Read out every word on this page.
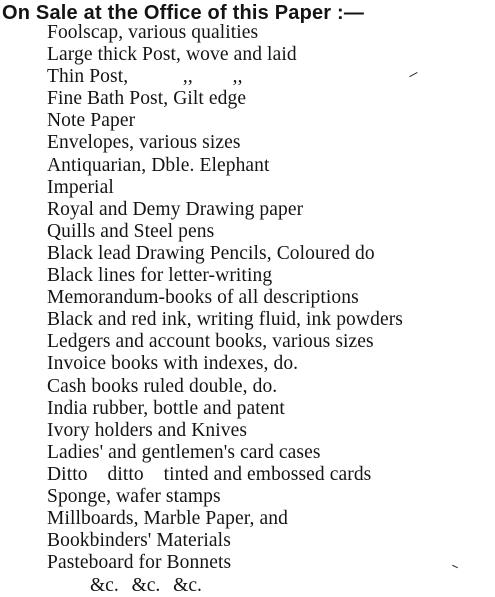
On Sale at the Office of this Paper :—
Foolscap, various qualities
Large thick Post, wove and laid
Thin Post,           ,,        ,,
Fine Bath Post, Gilt edge
Note Paper
Envelopes, various sizes
Antiquarian, Dble. Elephant
Imperial
Royal and Demy Drawing paper
Quills and Steel pens
Black lead Drawing Pencils, Coloured do
Black lines for letter-writing
Memorandum-books of all descriptions
Black and red ink, writing fluid, ink powders
Ledgers and account books, various sizes
Invoice books with indexes, do.
Cash books ruled double, do.
India rubber, bottle and patent
Ivory holders and Knives
Ladies' and gentlemen's card cases
Ditto    ditto    tinted and embossed cards
Sponge, wafer stamps
Millboards, Marble Paper, and
Bookbinders' Materials
Pasteboard for Bonnets
&c. &c. &c.
